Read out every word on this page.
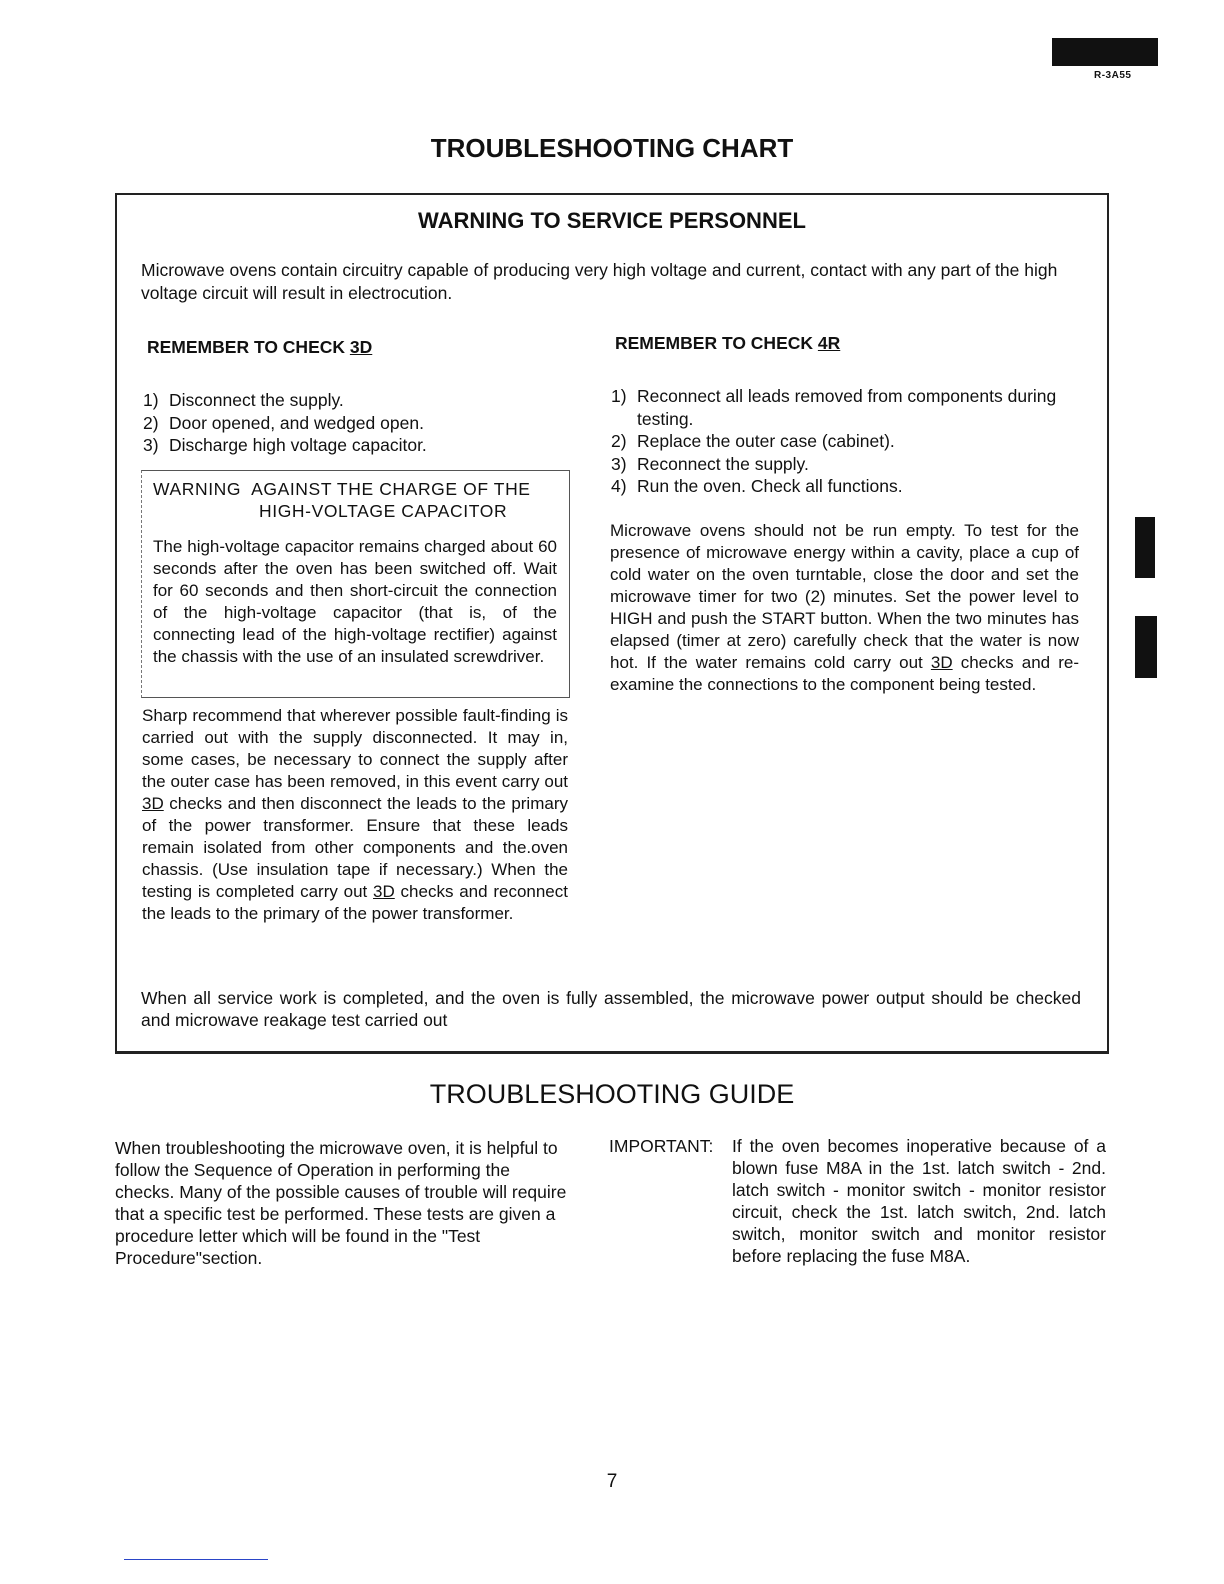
R-3A55
TROUBLESHOOTING CHART
WARNING TO SERVICE PERSONNEL
Microwave ovens contain circuitry capable of producing very high voltage and current, contact with any part of the high voltage circuit will result in electrocution.
REMEMBER TO CHECK 3D
1) Disconnect the supply.
2) Door opened, and wedged open.
3) Discharge high voltage capacitor.
WARNING  AGAINST THE CHARGE OF THE
HIGH-VOLTAGE CAPACITOR
The high-voltage capacitor remains charged about 60 seconds after the oven has been switched off. Wait for 60 seconds and then short-circuit the connection of the high-voltage capacitor (that is, of the connecting lead of the high-voltage rectifier) against the chassis with the use of an insulated screwdriver.
Sharp recommend that wherever possible fault-finding is carried out with the supply disconnected. It may in, some cases, be necessary to connect the supply after the outer case has been removed, in this event carry out 3D checks and then disconnect the leads to the primary of the power transformer. Ensure that these leads remain isolated from other components and the.oven chassis. (Use insulation tape if necessary.) When the testing is completed carry out 3D checks and reconnect the leads to the primary of the power transformer.
REMEMBER TO CHECK 4R
1) Reconnect all leads removed from components during testing.
2) Replace the outer case (cabinet).
3) Reconnect the supply.
4) Run the oven. Check all functions.
Microwave ovens should not be run empty. To test for the presence of microwave energy within a cavity, place a cup of cold water on the oven turntable, close the door and set the microwave timer for two (2) minutes. Set the power level to HIGH and push the START button. When the two minutes has elapsed (timer at zero) carefully check that the water is now hot. If the water remains cold carry out 3D checks and re-examine the connections to the component being tested.
When all service work is completed, and the oven is fully assembled, the microwave power output should be checked and microwave reakage test carried out
TROUBLESHOOTING GUIDE
When troubleshooting the microwave oven, it is helpful to follow the Sequence of Operation in performing the checks. Many of the possible causes of trouble will require that a specific test be performed. These tests are given a procedure letter which will be found in the "Test Procedure"section.
IMPORTANT: If the oven becomes inoperative because of a blown fuse M8A in the 1st. latch switch - 2nd. latch switch - monitor switch - monitor resistor circuit, check the 1st. latch switch, 2nd. latch switch, monitor switch and monitor resistor before replacing the fuse M8A.
7
